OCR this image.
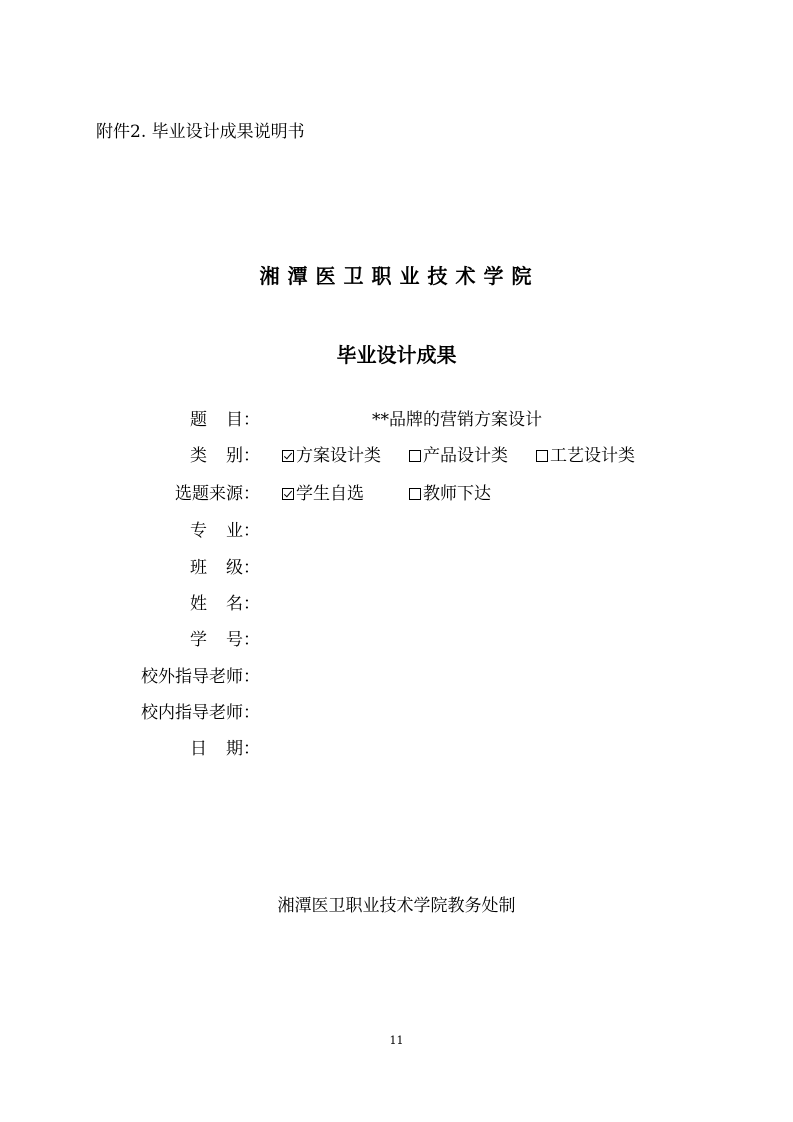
附件2. 毕业设计成果说明书
湘潭医卫职业技术学院
毕业设计成果
题 目：	**品牌的营销方案设计
类 别： 方案设计类 产品设计类 工艺设计类
选题来源： 学生自选	教师下达
专 业：
班 级：
姓 名：
学 号：
校外指导老师：
校内指导老师：
日 期：
湘潭医卫职业技术学院教务处制
11
